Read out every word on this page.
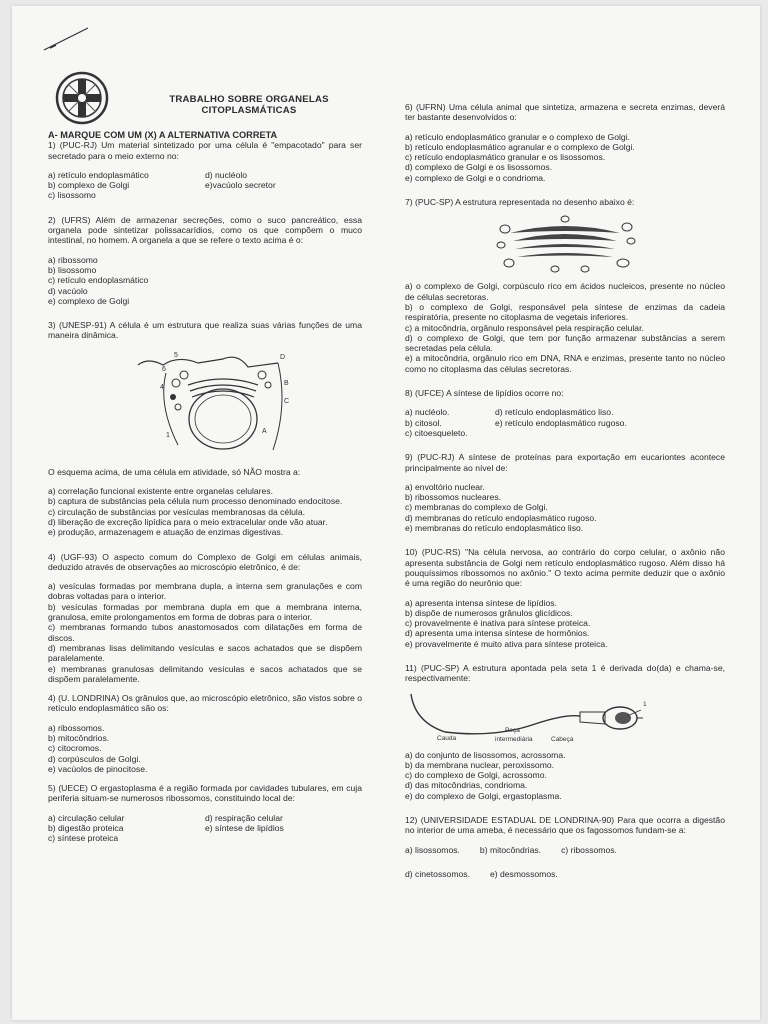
TRABALHO SOBRE ORGANELAS
CITOPLASMÁTICAS

A- MARQUE COM UM (X) A ALTERNATIVA CORRETA

1) (PUC-RJ) Um material sintetizado por uma célula é "empacotado" para ser secretado para o meio externo no:

a) retículo endoplasmático

b) complexo de Golgi

c) lisossomo

d) nucléolo

e)vacúolo secretor

2) (UFRS) Além de armazenar secreções, como o suco pancreático, essa organela pode sintetizar polissacarídios, como os que compõem o muco intestinal, no homem. A organela a que se refere o texto acima é o:

a) ribossomo

b) lisossomo

c) retículo endoplasmático

d) vacúolo

e) complexo de Golgi

3) (UNESP-91) A célula é um estrutura que realiza suas várias funções de uma maneira dinâmica.

5
6
D
4
B
C
1
A

O esquema acima, de uma célula em atividade, só NÃO mostra a:

a) correlação funcional existente entre organelas celulares.

b) captura de substâncias pela célula num processo denominado endocitose.

c) circulação de substâncias por vesículas membranosas da célula.

d) liberação de excreção lipídica para o meio extracelular onde vão atuar.

e) produção, armazenagem e atuação de enzimas digestivas.

4) (UGF-93) O aspecto comum do Complexo de Golgi em células animais, deduzido através de observações ao microscópio eletrônico, é de:

a) vesículas formadas por membrana dupla, a interna sem granulações e com dobras voltadas para o interior.

b) vesículas formadas por membrana dupla em que a membrana interna, granulosa, emite prolongamentos em forma de dobras para o interior.

c) membranas formando tubos anastomosados com dilatações em forma de discos.

d) membranas lisas delimitando vesículas e sacos achatados que se dispõem paralelamente.

e) membranas granulosas delimitando vesículas e sacos achatados que se dispõem paralelamente.

4) (U. LONDRINA) Os grânulos que, ao microscópio eletrônico, são vistos sobre o retículo endoplasmático são os:

a) ribossomos.

b) mitocôndrios.

c) citocromos.

d) corpúsculos de Golgi.

e) vacúolos de pinocitose.

5) (UECE) O ergastoplasma é a região formada por cavidades tubulares, em cuja periferia situam-se numerosos ribossomos, constituindo local de:

a) circulação celular

b) digestão proteica

c) síntese proteica

d) respiração celular

e) síntese de lipídios

6) (UFRN) Uma célula animal que sintetiza, armazena e secreta enzimas, deverá ter bastante desenvolvidos o:

a) retículo endoplasmático granular e o complexo de Golgi.

b) retículo endoplasmático agranular e o complexo de Golgi.

c) retículo endoplasmático granular e os lisossomos.

d) complexo de Golgi e os lisossomos.

e) complexo de Golgi e o condrioma.

7) (PUC-SP) A estrutura representada no desenho abaixo é:

a) o complexo de Golgi, corpúsculo rico em ácidos nucleicos, presente no núcleo de células secretoras.

b) o complexo de Golgi, responsável pela síntese de enzimas da cadeia respiratória, presente no citoplasma de vegetais inferiores.

c) a mitocôndria, orgânulo responsável pela respiração celular.

d) o complexo de Golgi, que tem por função armazenar substâncias a serem secretadas pela célula.

e) a mitocôndria, orgânulo rico em DNA, RNA e enzimas, presente tanto no núcleo como no citoplasma das células secretoras.

8) (UFCE) A síntese de lipídios ocorre no:

a) nucléolo.

b) citosol.

c) citoesqueleto.

d) retículo endoplasmático liso.

e) retículo endoplasmático rugoso.

9) (PUC-RJ) A síntese de proteínas para exportação em eucariontes acontece principalmente ao nível de:

a) envoltório nuclear.

b) ribossomos nucleares.

c) membranas do complexo de Golgi.

d) membranas do retículo endoplasmático rugoso.

e) membranas do retículo endoplasmático liso.

10) (PUC-RS) "Na célula nervosa, ao contrário do corpo celular, o axônio não apresenta substância de Golgi nem retículo endoplasmático rugoso. Além disso há pouquíssimos ribossomos no axônio." O texto acima permite deduzir que o axônio é uma região do neurônio que:

a) apresenta intensa síntese de lipídios.

b) dispõe de numerosos grânulos glicídicos.

c) provavelmente é inativa para síntese proteica.

d) apresenta uma intensa síntese de hormônios.

e) provavelmente é muito ativa para síntese proteica.

11) (PUC-SP) A estrutura apontada pela seta 1 é derivada do(da) e chama-se, respectivamente:

Cauda
Peça
intermediária	Cabeça
1

a) do conjunto de lisossomos, acrossoma.

b) da membrana nuclear, peroxissomo.

c) do complexo de Golgi, acrossomo.

d) das mitocôndrias, condrioma.

e) do complexo de Golgi, ergastoplasma.

12) (UNIVERSIDADE ESTADUAL DE LONDRINA-90) Para que ocorra a digestão no interior de uma ameba, é necessário que os fagossomos fundam-se a:

a) lisossomos. b) mitocôndrias. c) ribossomos.
d) cinetossomos. e) desmossomos.
